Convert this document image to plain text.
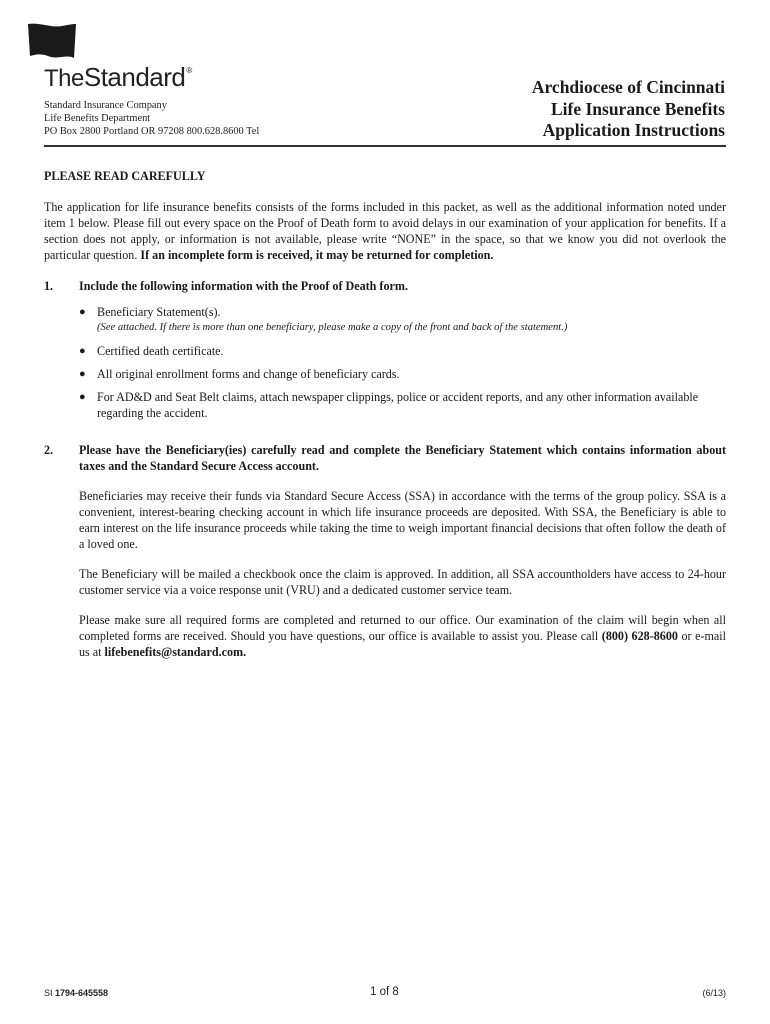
TheStandard®
Standard Insurance Company
Life Benefits Department
PO Box 2800 Portland OR 97208 800.628.8600 Tel
Archdiocese of Cincinnati
Life Insurance Benefits
Application Instructions
PLEASE READ CAREFULLY

The application for life insurance benefits consists of the forms included in this packet, as well as the additional information noted under item 1 below. Please fill out every space on the Proof of Death form to avoid delays in our examination of your application for benefits. If a section does not apply, or information is not available, please write “NONE” in the space, so that we know you did not overlook the particular question. If an incomplete form is received, it may be returned for completion.

1.	Include the following information with the Proof of Death form.
● Beneficiary Statement(s).
(See attached. If there is more than one beneficiary, please make a copy of the front and back of the statement.)
● Certified death certificate.
● All original enrollment forms and change of beneficiary cards.
● For AD&D and Seat Belt claims, attach newspaper clippings, police or accident reports, and any other information available regarding the accident.
2.	Please have the Beneficiary(ies) carefully read and complete the Beneficiary Statement which contains information about taxes and the Standard Secure Access account.

Beneficiaries may receive their funds via Standard Secure Access (SSA) in accordance with the terms of the group policy. SSA is a convenient, interest-bearing checking account in which life insurance proceeds are deposited. With SSA, the Beneficiary is able to earn interest on the life insurance proceeds while taking the time to weigh important financial decisions that often follow the death of a loved one.

The Beneficiary will be mailed a checkbook once the claim is approved. In addition, all SSA accountholders have access to 24-hour customer service via a voice response unit (VRU) and a dedicated customer service team.

Please make sure all required forms are completed and returned to our office. Our examination of the claim will begin when all completed forms are received. Should you have questions, our office is available to assist you. Please call (800) 628-8600 or e-mail us at lifebenefits@standard.com.

SI 1794-645558	1 of 8	(6/13)
